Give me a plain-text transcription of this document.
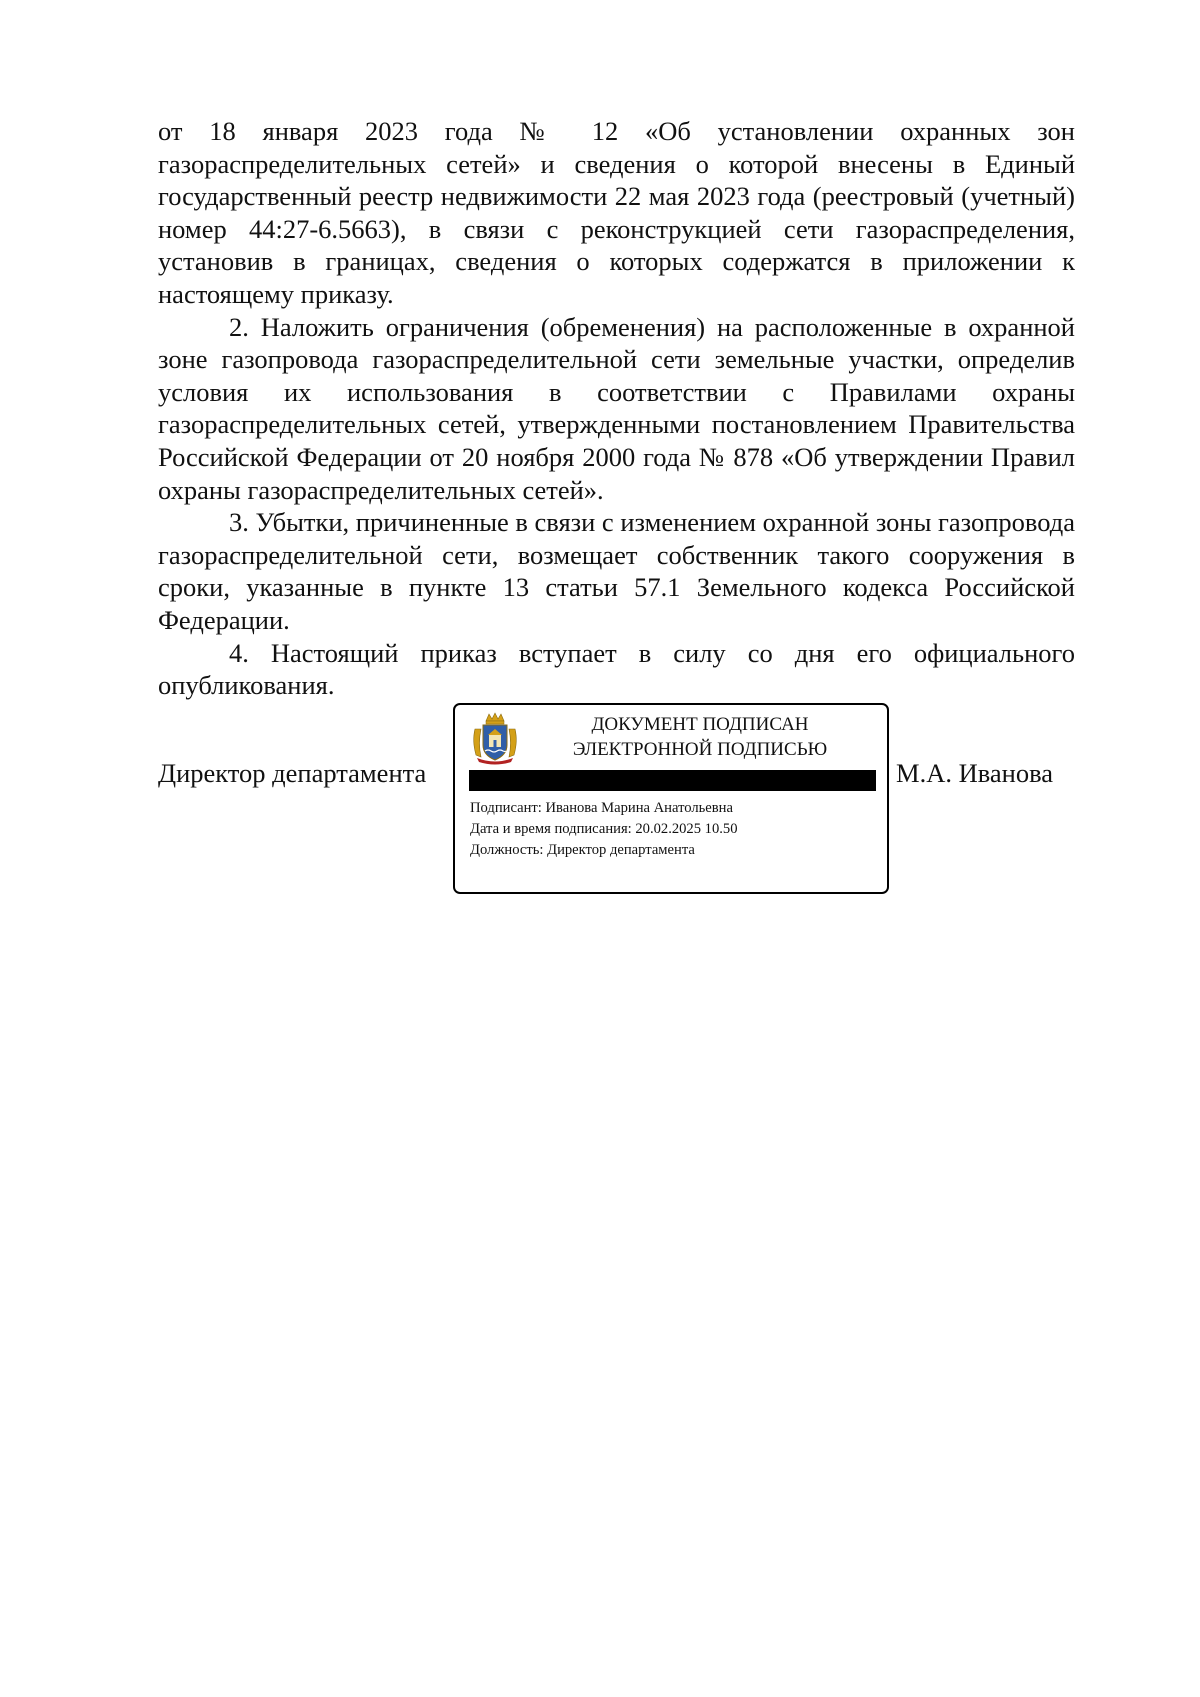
от 18 января 2023 года № 12 «Об установлении охранных зон газораспределительных сетей» и сведения о которой внесены в Единый государственный реестр недвижимости 22 мая 2023 года (реестровый (учетный) номер 44:27-6.5663), в связи с реконструкцией сети газораспределения, установив в границах, сведения о которых содержатся в приложении к настоящему приказу.

2. Наложить ограничения (обременения) на расположенные в охранной зоне газопровода газораспределительной сети земельные участки, определив условия их использования в соответствии с Правилами охраны газораспределительных сетей, утвержденными постановлением Правительства Российской Федерации от 20 ноября 2000 года № 878 «Об утверждении Правил охраны газораспределительных сетей».

3. Убытки, причиненные в связи с изменением охранной зоны газопровода газораспределительной сети, возмещает собственник такого сооружения в сроки, указанные в пункте 13 статьи 57.1 Земельного кодекса Российской Федерации.

4. Настоящий приказ вступает в силу со дня его официального опубликования.

Директор департамента
ДОКУМЕНТ ПОДПИСАН
ЭЛЕКТРОННОЙ ПОДПИСЬЮ
Подписант: Иванова Марина Анатольевна
Дата и время подписания: 20.02.2025 10.50
Должность: Директор департамента
М.А. Иванова
